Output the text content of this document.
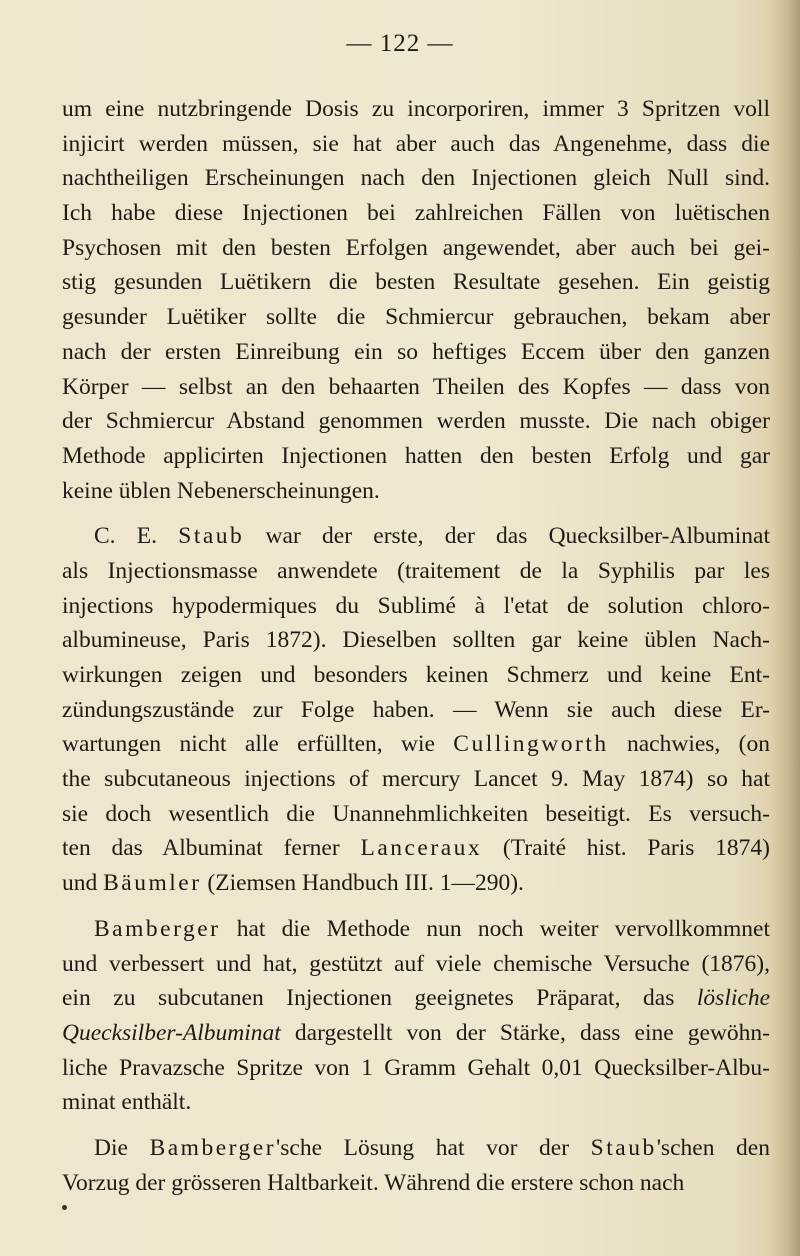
— 122 —
um eine nutzbringende Dosis zu incorporiren, immer 3 Spritzen voll
injicirt werden müssen, sie hat aber auch das Angenehme, dass die
nachtheiligen Erscheinungen nach den Injectionen gleich Null sind.
Ich habe diese Injectionen bei zahlreichen Fällen von luëtischen
Psychosen mit den besten Erfolgen angewendet, aber auch bei gei-
stig gesunden Luëtikern die besten Resultate gesehen. Ein geistig
gesunder Luëtiker sollte die Schmiercur gebrauchen, bekam aber
nach der ersten Einreibung ein so heftiges Eccem über den ganzen
Körper — selbst an den behaarten Theilen des Kopfes — dass von
der Schmiercur Abstand genommen werden musste. Die nach obiger
Methode applicirten Injectionen hatten den besten Erfolg und gar
keine üblen Nebenerscheinungen.
C. E. Staub war der erste, der das Quecksilber-Albuminat
als Injectionsmasse anwendete (traitement de la Syphilis par les
injections hypodermiques du Sublimé à l'etat de solution chloro-
albumineuse, Paris 1872). Dieselben sollten gar keine üblen Nach-
wirkungen zeigen und besonders keinen Schmerz und keine Ent-
zündungszustände zur Folge haben. — Wenn sie auch diese Er-
wartungen nicht alle erfüllten, wie Cullingworth nachwies, (on
the subcutaneous injections of mercury Lancet 9. May 1874) so hat
sie doch wesentlich die Unannehmlichkeiten beseitigt. Es versuch-
ten das Albuminat ferner Lanceraux (Traité hist. Paris 1874)
und Bäumler (Ziemsen Handbuch III. 1—290).
Bamberger hat die Methode nun noch weiter vervollkommnet
und verbessert und hat, gestützt auf viele chemische Versuche (1876),
ein zu subcutanen Injectionen geeignetes Präparat, das lösliche
Quecksilber-Albuminat dargestellt von der Stärke, dass eine gewöhn-
liche Pravazsche Spritze von 1 Gramm Gehalt 0,01 Quecksilber-Albu-
minat enthält.
Die Bamberger'sche Lösung hat vor der Staub'schen den
Vorzug der grösseren Haltbarkeit. Während die erstere schon nach
